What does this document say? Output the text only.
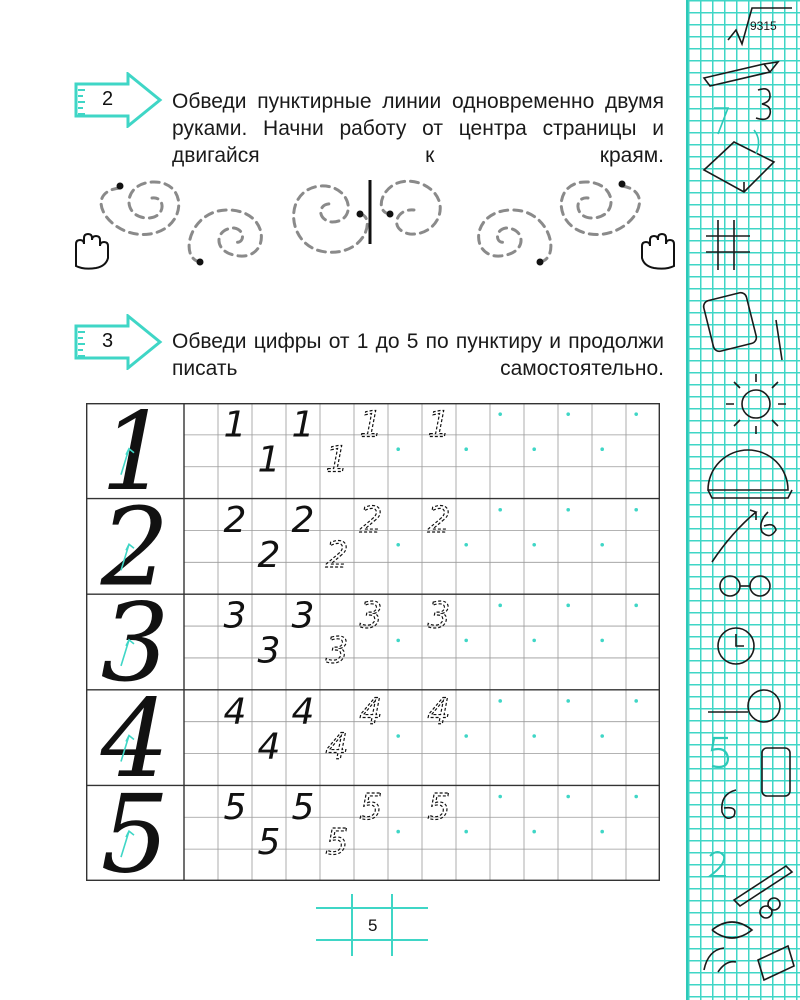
9315
2	Обведи пунктирные линии одновременно двумя руками. Начни работу от центра страницы и двигайся к краям.
3	Обведи цифры от 1 до 5 по пунктиру и продолжи писать самостоятельно.
1 1 1 1 1
1 1
2 2 2 2 2
2 2
3 3 3 3 3
3 3
4 4 4 4 4
4 4
5 5 5 5 5
5 5
5
